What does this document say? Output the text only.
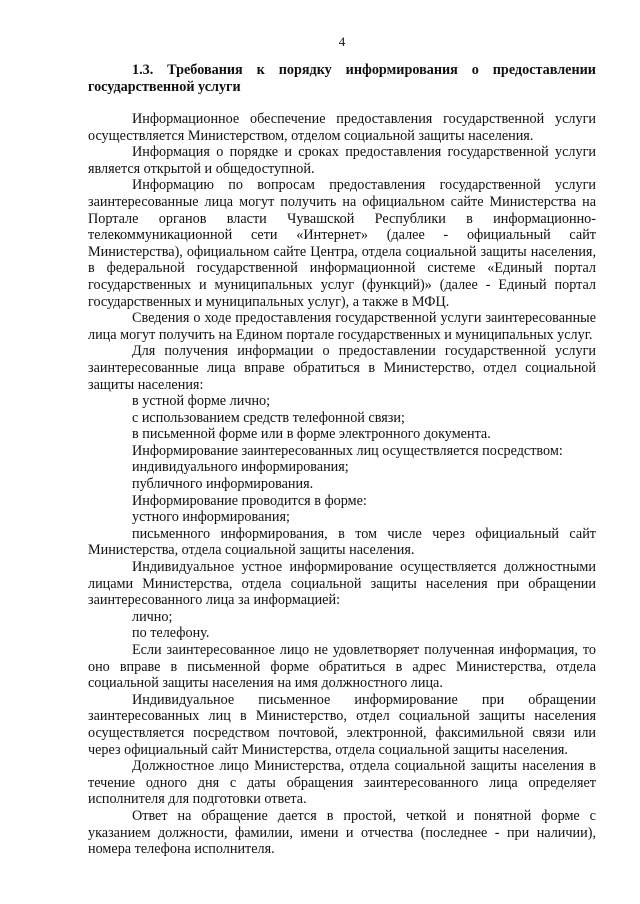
4
1.3. Требования к порядку информирования о предоставлении государственной услуги

Информационное обеспечение предоставления государственной услуги осуществляется Министерством, отделом социальной защиты населения.

Информация о порядке и сроках предоставления государственной услуги является открытой и общедоступной.

Информацию по вопросам предоставления государственной услуги заинтересованные лица могут получить на официальном сайте Министерства на Портале органов власти Чувашской Республики в информационно-телекоммуникационной сети «Интернет» (далее - официальный сайт Министерства), официальном сайте Центра, отдела социальной защиты населения, в федеральной государственной информационной системе «Единый портал государственных и муниципальных услуг (функций)» (далее - Единый портал государственных и муниципальных услуг), а также в МФЦ.

Сведения о ходе предоставления государственной услуги заинтересованные лица могут получить на Едином портале государственных и муниципальных услуг.

Для получения информации о предоставлении государственной услуги заинтересованные лица вправе обратиться в Министерство, отдел социальной защиты населения:

в устной форме лично;

с использованием средств телефонной связи;

в письменной форме или в форме электронного документа.

Информирование заинтересованных лиц осуществляется посредством:

индивидуального информирования;

публичного информирования.

Информирование проводится в форме:

устного информирования;

письменного информирования, в том числе через официальный сайт Министерства, отдела социальной защиты населения.

Индивидуальное устное информирование осуществляется должностными лицами Министерства, отдела социальной защиты населения при обращении заинтересованного лица за информацией:

лично;

по телефону.

Если заинтересованное лицо не удовлетворяет полученная информация, то оно вправе в письменной форме обратиться в адрес Министерства, отдела социальной защиты населения на имя должностного лица.

Индивидуальное письменное информирование при обращении заинтересованных лиц в Министерство, отдел социальной защиты населения осуществляется посредством почтовой, электронной, факсимильной связи или через официальный сайт Министерства, отдела социальной защиты населения.

Должностное лицо Министерства, отдела социальной защиты населения в течение одного дня с даты обращения заинтересованного лица определяет исполнителя для подготовки ответа.

Ответ на обращение дается в простой, четкой и понятной форме с указанием должности, фамилии, имени и отчества (последнее - при наличии), номера телефона исполнителя.
